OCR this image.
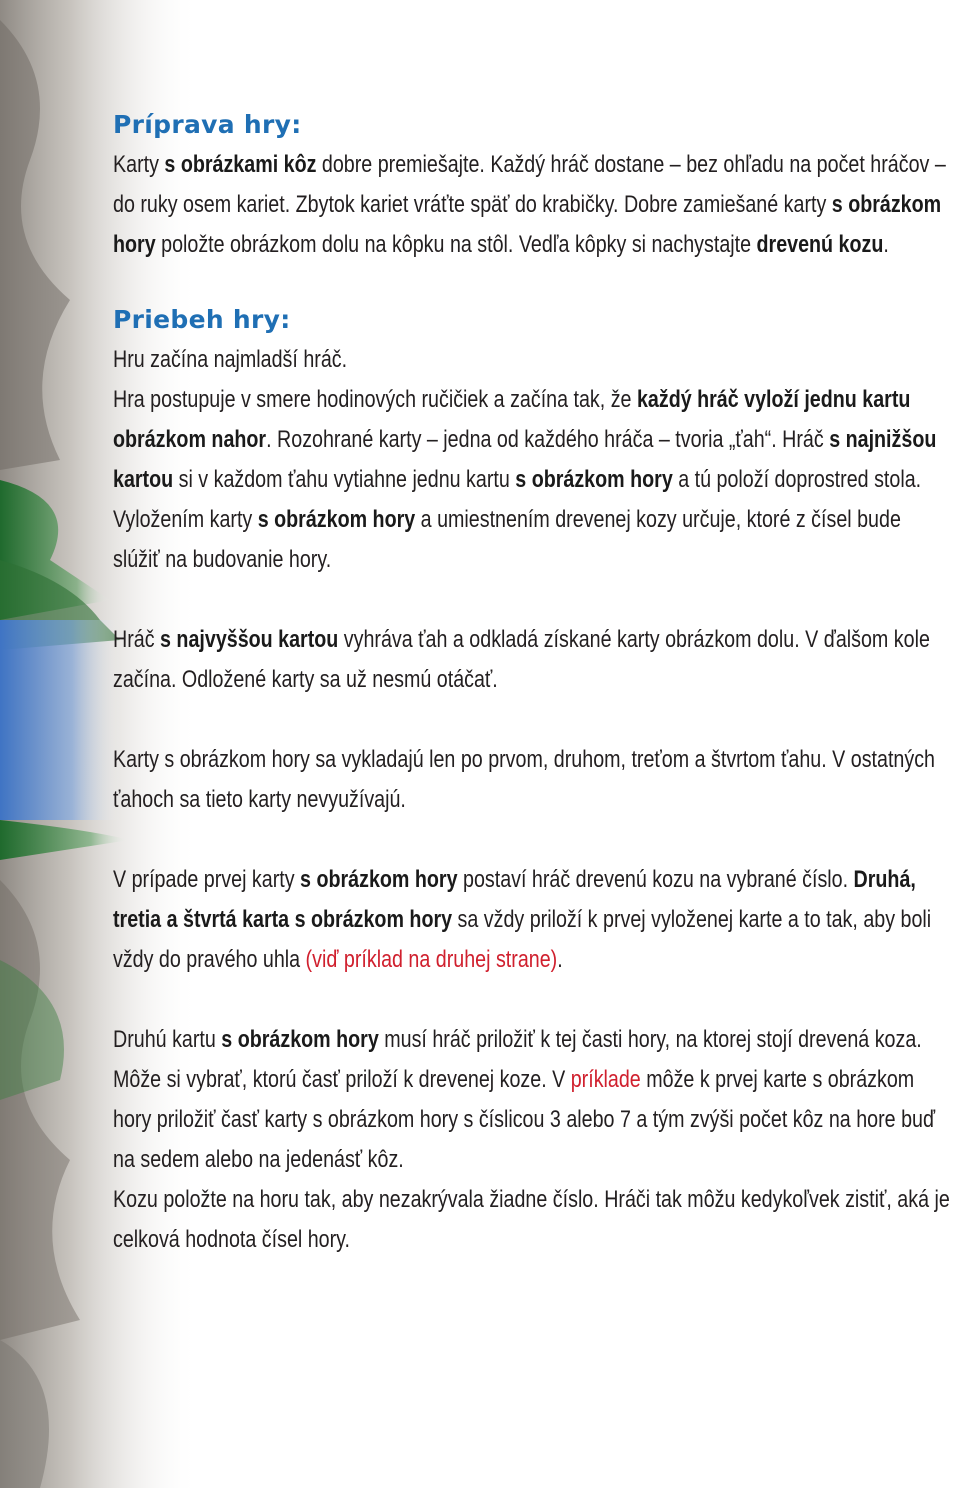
Príprava hry:

Karty s obrázkami kôz dobre premiešajte. Každý hráč dostane – bez ohľadu na počet hráčov – do ruky osem kariet. Zbytok kariet vráťte späť do krabičky. Dobre zamiešané karty s obrázkom hory položte obrázkom dolu na kôpku na stôl. Vedľa kôpky si nachystajte drevenú kozu.

Priebeh hry:

Hru začína najmladší hráč.

Hra postupuje v smere hodinových ručičiek a začína tak, že každý hráč vyloží jednu kartu obrázkom nahor. Rozohrané karty – jedna od každého hráča – tvoria „ťah“. Hráč s najnižšou kartou si v každom ťahu vytiahne jednu kartu s obrázkom hory a tú položí doprostred stola. Vyložením karty s obrázkom hory a umiestnením drevenej kozy určuje, ktoré z čísel bude slúžiť na budovanie hory.

Hráč s najvyššou kartou vyhráva ťah a odkladá získané karty obrázkom dolu. V ďalšom kole začína. Odložené karty sa už nesmú otáčať.

Karty s obrázkom hory sa vykladajú len po prvom, druhom, treťom a štvrtom ťahu. V ostatných ťahoch sa tieto karty nevyužívajú.

V prípade prvej karty s obrázkom hory postaví hráč drevenú kozu na vybrané číslo. Druhá, tretia a štvrtá karta s obrázkom hory sa vždy priloží k prvej vyloženej karte a to tak, aby boli vždy do pravého uhla (viď príklad na druhej strane).

Druhú kartu s obrázkom hory musí hráč priložiť k tej časti hory, na ktorej stojí drevená koza. Môže si vybrať, ktorú časť priloží k drevenej koze. V príklade môže k prvej karte s obrázkom hory priložiť časť karty s obrázkom hory s číslicou 3 alebo 7 a tým zvýši počet kôz na hore buď na sedem alebo na jedenásť kôz.

Kozu položte na horu tak, aby nezakrývala žiadne číslo. Hráči tak môžu kedykoľvek zistiť, aká je celková hodnota čísel hory.
